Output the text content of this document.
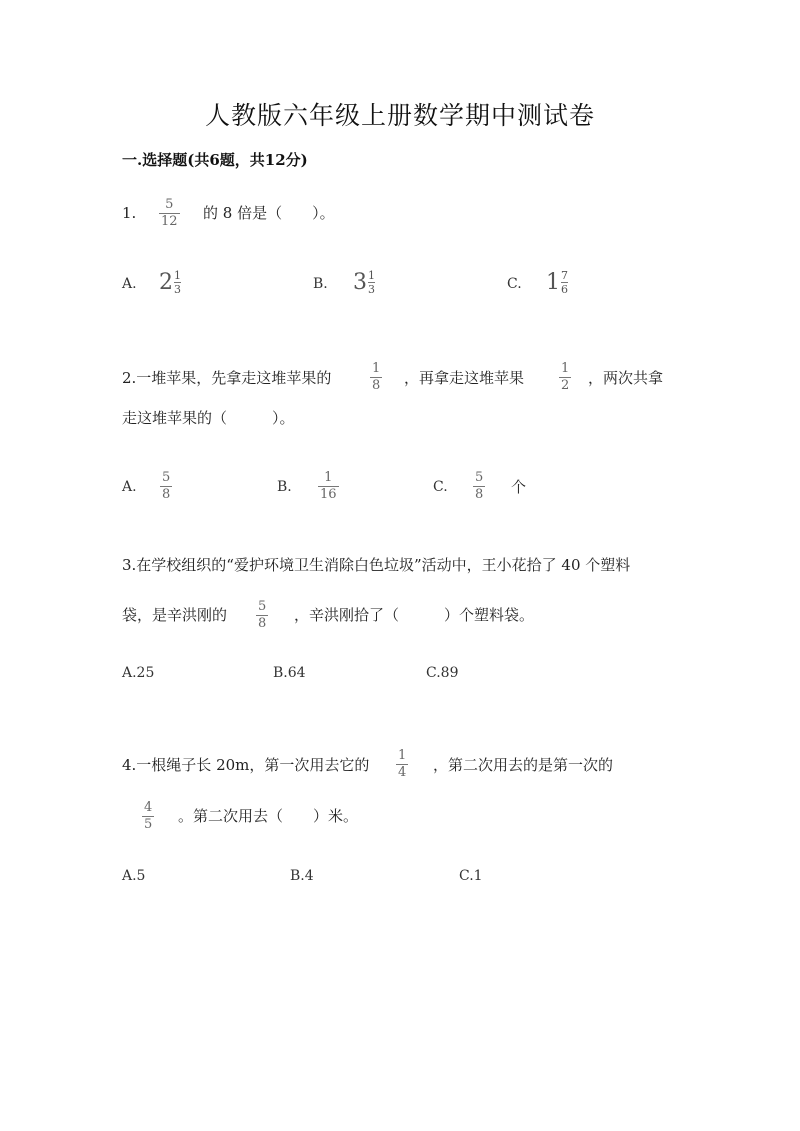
人教版六年级上册数学期中测试卷
一.选择题(共6题，共12分)
1. 5
12 的 8 倍是（　　）。
A. 2 1
3	B. 3 1
3	C. 1 7
6
2.一堆苹果，先拿走这堆苹果的
1
8 ，再拿走这堆苹果
1
2 ，两次共拿
走这堆苹果的（　　　）。
A.
5
8	B.
1
16	C.
5
8 个
3.在学校组织的“爱护环境卫生消除白色垃圾”活动中，王小花拾了 40 个塑料
袋，是辛洪刚的 5
8 ，辛洪刚拾了（　　　）个塑料袋。
A.25	B.64	C.89
4.一根绳子长 20m，第一次用去它的
1
4 ，第二次用去的是第一次的
4
5 。第二次用去（　　）米。
A.5	B.4	C.1
